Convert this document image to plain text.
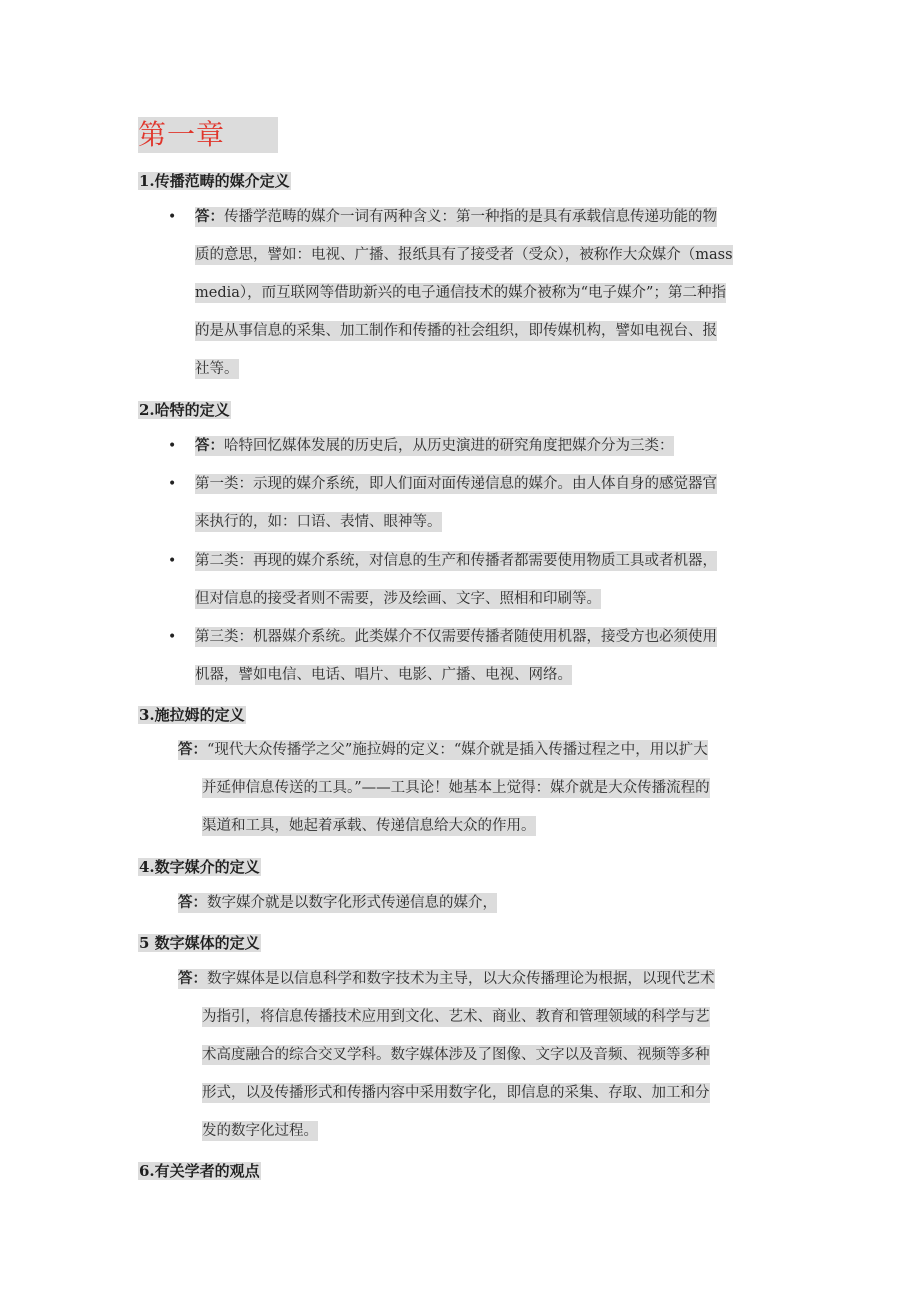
第一章
1.传播范畴的媒介定义
• 答：传播学范畴的媒介一词有两种含义：第一种指的是具有承载信息传递功能的物
质的意思，譬如：电视、广播、报纸具有了接受者（受众），被称作大众媒介（mass
media），而互联网等借助新兴的电子通信技术的媒介被称为“电子媒介”；第二种指
的是从事信息的采集、加工制作和传播的社会组织，即传媒机构，譬如电视台、报
社等。
2.哈特的定义
• 答：哈特回忆媒体发展的历史后，从历史演进的研究角度把媒介分为三类：
• 第一类：示现的媒介系统，即人们面对面传递信息的媒介。由人体自身的感觉器官
来执行的，如：口语、表情、眼神等。
• 第二类：再现的媒介系统，对信息的生产和传播者都需要使用物质工具或者机器，
但对信息的接受者则不需要，涉及绘画、文字、照相和印刷等。
• 第三类：机器媒介系统。此类媒介不仅需要传播者随使用机器，接受方也必须使用
机器，譬如电信、电话、唱片、电影、广播、电视、网络。
3.施拉姆的定义
答：“现代大众传播学之父”施拉姆的定义：“媒介就是插入传播过程之中，用以扩大
并延伸信息传送的工具。”——工具论！她基本上觉得：媒介就是大众传播流程的
渠道和工具，她起着承载、传递信息给大众的作用。
4.数字媒介的定义
答：数字媒介就是以数字化形式传递信息的媒介，
5 数字媒体的定义
答：数字媒体是以信息科学和数字技术为主导，以大众传播理论为根据，以现代艺术
为指引，将信息传播技术应用到文化、艺术、商业、教育和管理领域的科学与艺
术高度融合的综合交叉学科。数字媒体涉及了图像、文字以及音频、视频等多种
形式，以及传播形式和传播内容中采用数字化，即信息的采集、存取、加工和分
发的数字化过程。
6.有关学者的观点
